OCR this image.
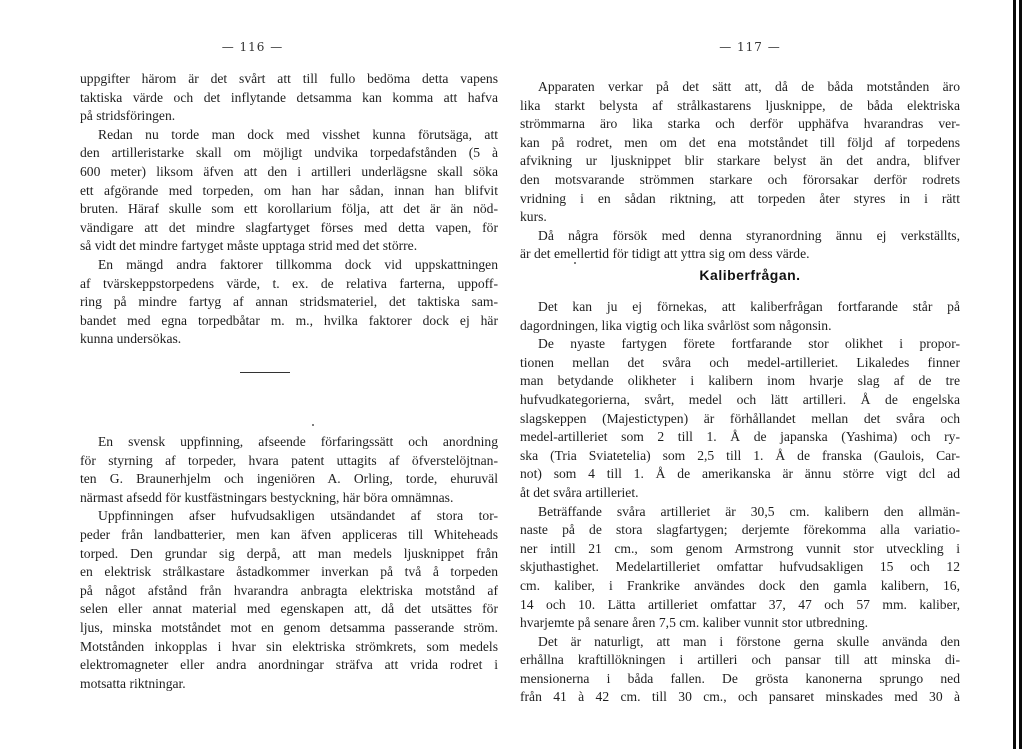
— 116 —
uppgifter härom är det svårt att till fullo bedöma detta vapens
taktiska värde och det inflytande detsamma kan komma att hafva
på stridsföringen.
Redan nu torde man dock med visshet kunna förutsäga, att
den artilleristarke skall om möjligt undvika torpedafstånden (5 à
600 meter) liksom äfven att den i artilleri underlägsne skall söka
ett afgörande med torpeden, om han har sådan, innan han blifvit
bruten. Häraf skulle som ett korollarium följa, att det är än nöd-
vändigare att det mindre slagfartyget förses med detta vapen, för
så vidt det mindre fartyget måste upptaga strid med det större.
En mängd andra faktorer tillkomma dock vid uppskattningen
af tvärskeppstorpedens värde, t. ex. de relativa farterna, uppoff-
ring på mindre fartyg af annan stridsmateriel, det taktiska sam-
bandet med egna torpedbåtar m. m., hvilka faktorer dock ej här
kunna undersökas.
En svensk uppfinning, afseende förfaringssätt och anordning
för styrning af torpeder, hvara patent uttagits af öfverstelöjtnan-
ten G. Braunerhjelm och ingeniören A. Orling, torde, ehuruväl
närmast afsedd för kustfästningars bestyckning, här böra omnämnas.
Uppfinningen afser hufvudsakligen utsändandet af stora tor-
peder från landbatterier, men kan äfven appliceras till Whiteheads
torped. Den grundar sig derpå, att man medels ljusknippet från
en elektrisk strålkastare åstadkommer inverkan på två å torpeden
på något afstånd från hvarandra anbragta elektriska motstånd af
selen eller annat material med egenskapen att, då det utsättes för
ljus, minska motståndet mot en genom detsamma passerande ström.
Motstånden inkopplas i hvar sin elektriska strömkrets, som medels
elektromagneter eller andra anordningar sträfva att vrida rodret i
motsatta riktningar.
— 117 —
Apparaten verkar på det sätt att, då de båda motstånden äro
lika starkt belysta af strålkastarens ljusknippe, de båda elektriska
strömmarna äro lika starka och derför upphäfva hvarandras ver-
kan på rodret, men om det ena motståndet till följd af torpedens
afvikning ur ljusknippet blir starkare belyst än det andra, blifver
den motsvarande strömmen starkare och förorsakar derför rodrets
vridning i en sådan riktning, att torpeden åter styres in i rätt
kurs.
Då några försök med denna styranordning ännu ej verkställts,
är det emellertid för tidigt att yttra sig om dess värde.
Kaliberfrågan.
Det kan ju ej förnekas, att kaliberfrågan fortfarande står på
dagordningen, lika vigtig och lika svårlöst som någonsin.
De nyaste fartygen förete fortfarande stor olikhet i propor-
tionen mellan det svåra och medel-artilleriet. Likaledes finner
man betydande olikheter i kalibern inom hvarje slag af de tre
hufvudkategorierna, svårt, medel och lätt artilleri. Å de engelska
slagskeppen (Majestictypen) är förhållandet mellan det svåra och
medel-artilleriet som 2 till 1. Å de japanska (Yashima) och ry-
ska (Tria Sviatetelia) som 2,5 till 1. Å de franska (Gaulois, Car-
not) som 4 till 1. Å de amerikanska är ännu större vigt dcl ad
åt det svåra artilleriet.
Beträffande svåra artilleriet är 30,5 cm. kalibern den allmän-
naste på de stora slagfartygen; derjemte förekomma alla variatio-
ner intill 21 cm., som genom Armstrong vunnit stor utveckling i
skjuthastighet. Medelartilleriet omfattar hufvudsakligen 15 och 12
cm. kaliber, i Frankrike användes dock den gamla kalibern, 16,
14 och 10. Lätta artilleriet omfattar 37, 47 och 57 mm. kaliber,
hvarjemte på senare åren 7,5 cm. kaliber vunnit stor utbredning.
Det är naturligt, att man i förstone gerna skulle använda den
erhållna kraftillökningen i artilleri och pansar till att minska di-
mensionerna i båda fallen. De grösta kanonerna sprungo ned
från 41 à 42 cm. till 30 cm., och pansaret minskades med 30 à
